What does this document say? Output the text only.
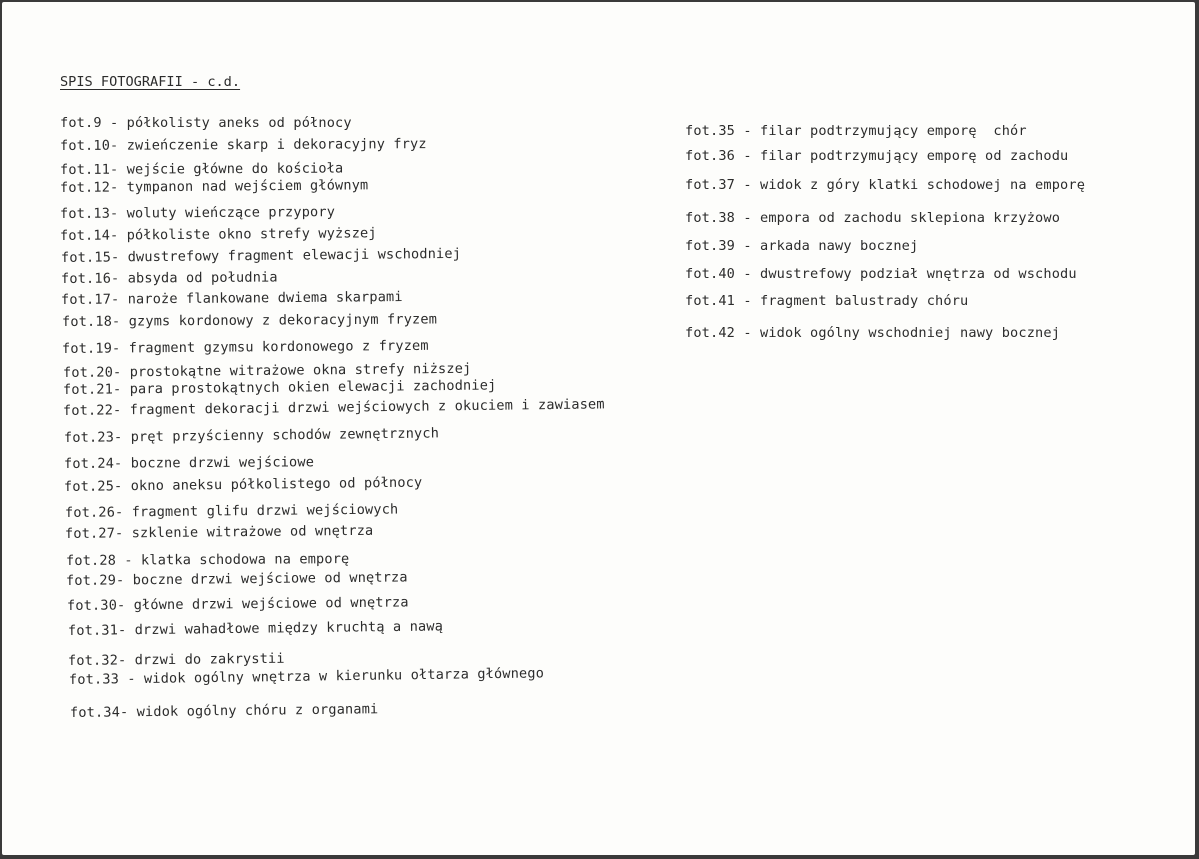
SPIS FOTOGRAFII - c.d.
fot.9 - półkolisty aneks od północy
fot.10- zwieńczenie skarp i dekoracyjny fryz
fot.11- wejście główne do kościoła
fot.12- tympanon nad wejściem głównym
fot.13- woluty wieńczące przypory
fot.14- półkoliste okno strefy wyższej
fot.15- dwustrefowy fragment elewacji wschodniej
fot.16- absyda od południa
fot.17- naroże flankowane dwiema skarpami
fot.18- gzyms kordonowy z dekoracyjnym fryzem
fot.19- fragment gzymsu kordonowego z fryzem
fot.20- prostokątne witrażowe okna strefy niższej
fot.21- para prostokątnych okien elewacji zachodniej
fot.22- fragment dekoracji drzwi wejściowych z okuciem i zawiasem
fot.23- pręt przyścienny schodów zewnętrznych
fot.24- boczne drzwi wejściowe
fot.25- okno aneksu półkolistego od północy
fot.26- fragment glifu drzwi wejściowych
fot.27- szklenie witrażowe od wnętrza
fot.28 - klatka schodowa na emporę
fot.29- boczne drzwi wejściowe od wnętrza
fot.30- główne drzwi wejściowe od wnętrza
fot.31- drzwi wahadłowe między kruchtą a nawą
fot.32- drzwi do zakrystii
fot.33 - widok ogólny wnętrza w kierunku ołtarza głównego
fot.34- widok ogólny chóru z organami
fot.35 - filar podtrzymujący emporę  chór
fot.36 - filar podtrzymujący emporę od zachodu
fot.37 - widok z góry klatki schodowej na emporę
fot.38 - empora od zachodu sklepiona krzyżowo
fot.39 - arkada nawy bocznej
fot.40 - dwustrefowy podział wnętrza od wschodu
fot.41 - fragment balustrady chóru
fot.42 - widok ogólny wschodniej nawy bocznej
